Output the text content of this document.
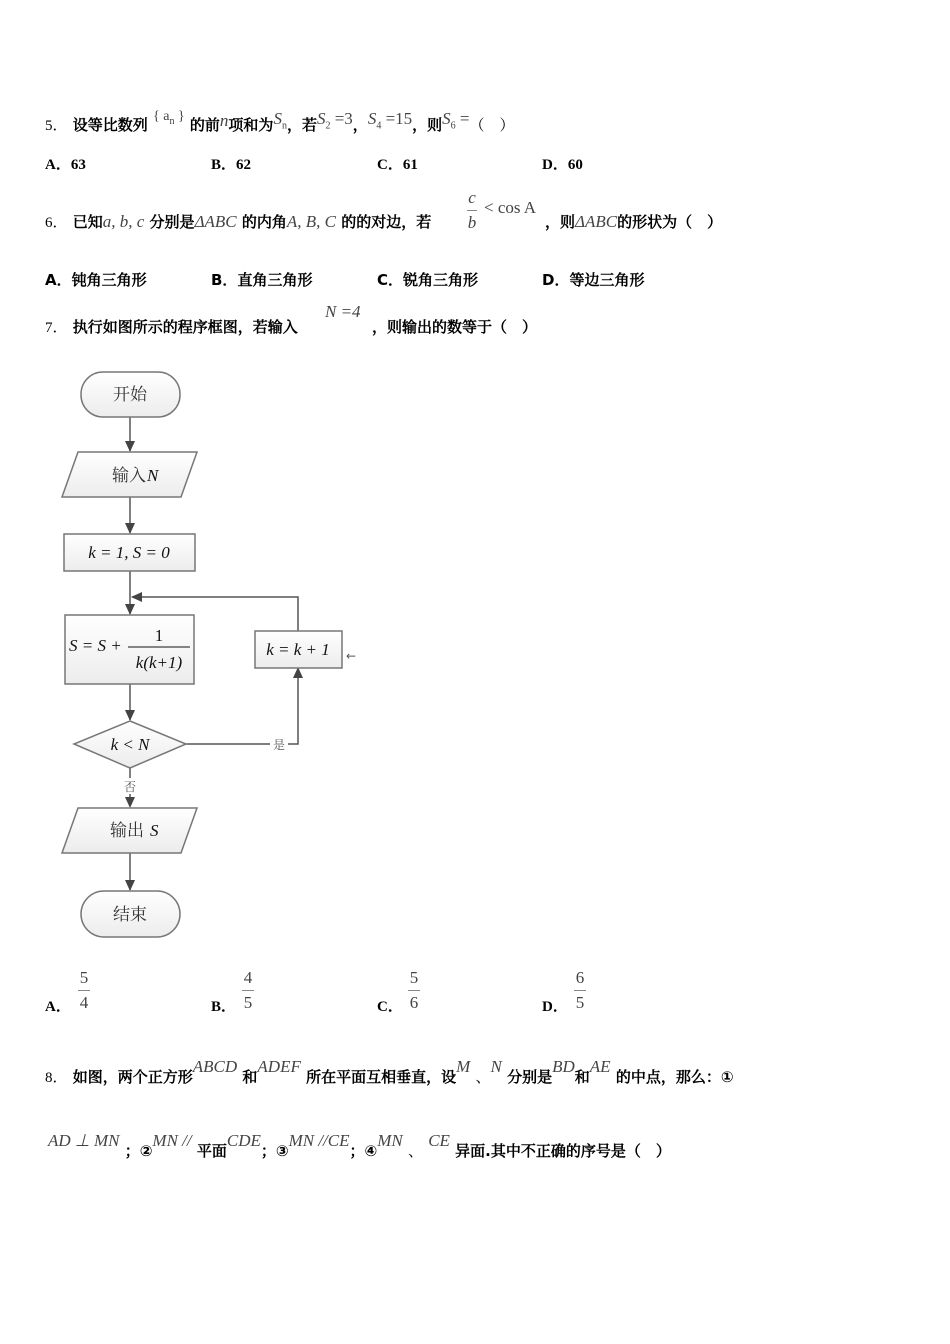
5． 设等比数列 { $a_n$ } 的前n项和为$S_n$，若$S_2 =3$，$S_4 =15$，则$S_6$ =（　）
A．63	B．62	C．61	D．60
6． 已知a, b, c 分别是ΔABC 的内角A, B, C 的的对边，若 $\frac{c}{b} < \cos A$
，则ΔABC的形状为（　）
A．钝角三角形	B．直角三角形	C．锐角三角形	D．等边三角形
7． 执行如图所示的程序框图，若输入
N =4
，则输出的数等于（　）
开始
输入 N
k = 1, S = 0
S = S +
1
k(k+1)
k = k + 1 ←
k < N	是
否
输出 S
结束
A．
5
4	B．
4
5	C．
5
6	D．
6
5
8． 如图，两个正方形ABCD 和ADEF 所在平面互相垂直，设M 、N 分别是BD和AE 的中点，那么：①
AD ⊥ MN ；②MN // 平面CDE；③MN //CE；④MN 、 CE 异面.其中不正确的序号是（　）
